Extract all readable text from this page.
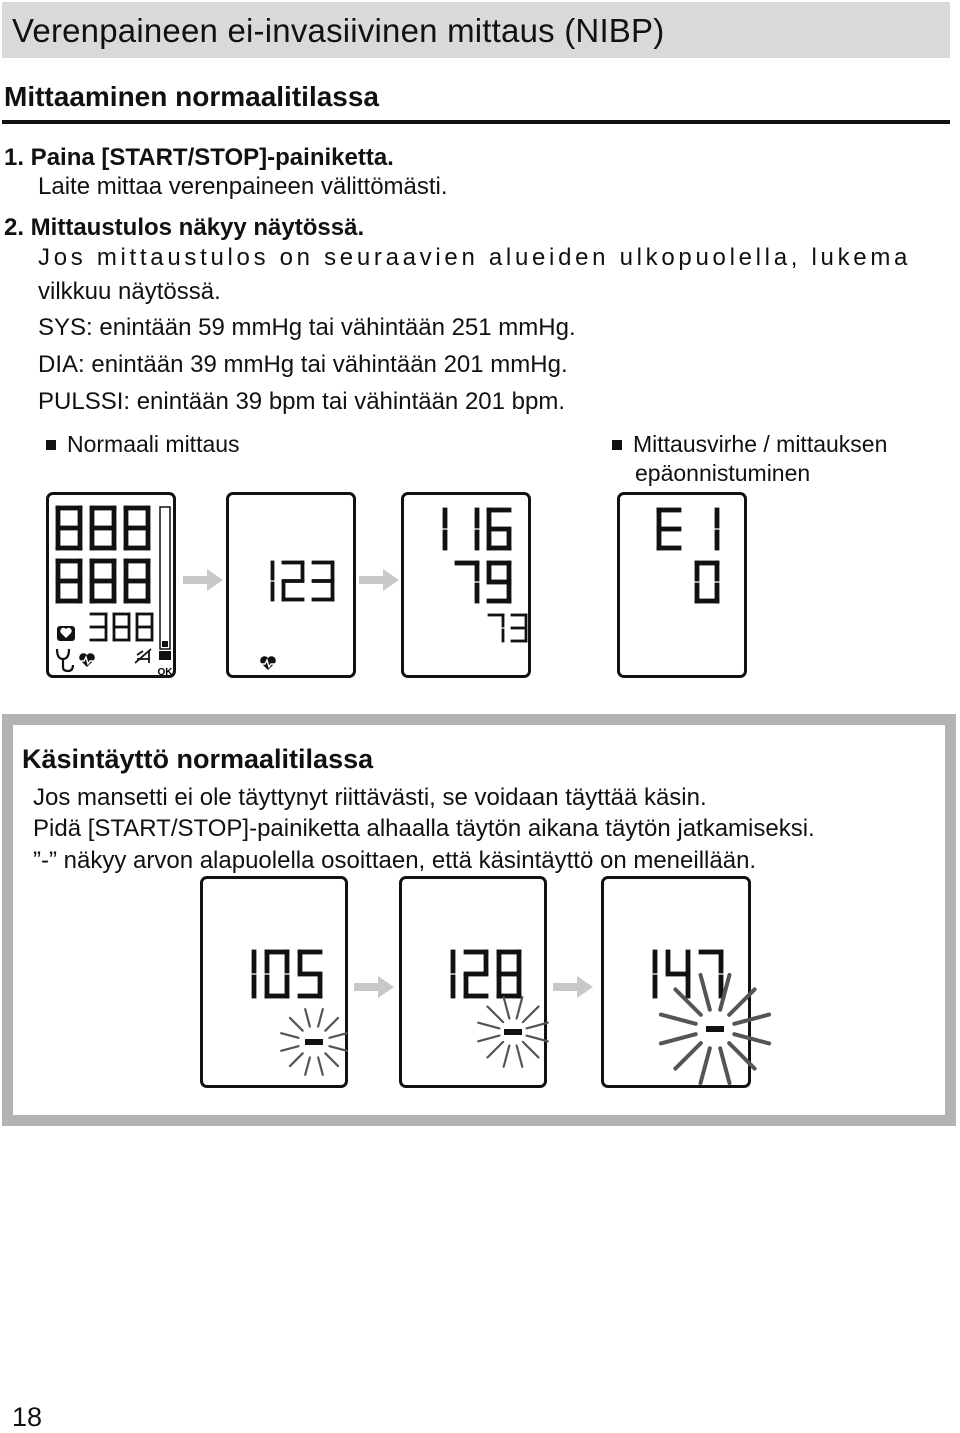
Verenpaineen ei-invasiivinen mittaus (NIBP)
Mittaaminen normaalitilassa
1. Paina [START/STOP]-painiketta.
Laite mittaa verenpaineen välittömästi.
2. Mittaustulos näkyy näytössä.
Jos mittaustulos on seuraavien alueiden ulkopuolella, lukema
vilkkuu näytössä.
SYS: enintään 59 mmHg tai vähintään 251 mmHg.
DIA: enintään 39 mmHg tai vähintään 201 mmHg.
PULSSI: enintään 39 bpm tai vähintään 201 bpm.
Normaali mittaus	Mittausvirhe / mittauksen
epäonnistuminen
OK
Käsintäyttö normaalitilassa
Jos mansetti ei ole täyttynyt riittävästi, se voidaan täyttää käsin.
Pidä [START/STOP]-painiketta alhaalla täytön aikana täytön jatkamiseksi.
”-” näkyy arvon alapuolella osoittaen, että käsintäyttö on meneillään.
18
